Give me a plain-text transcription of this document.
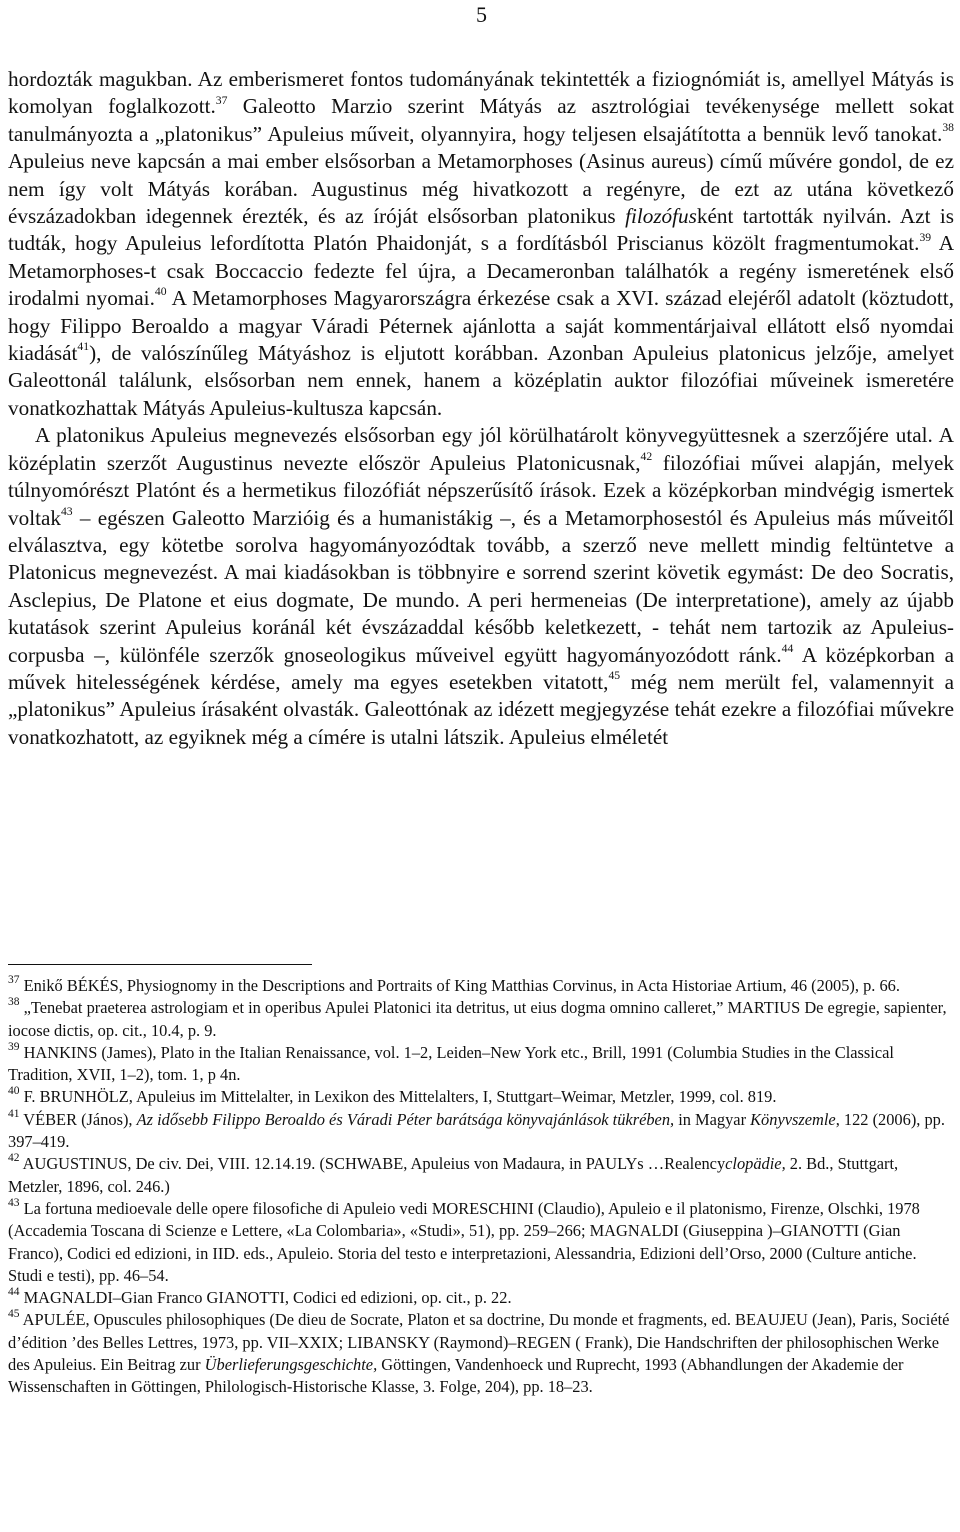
5

hordozták magukban. Az emberismeret fontos tudományának tekintették a fiziognómiát is, amellyel Mátyás is komolyan foglalkozott.$^{37}$ Galeotto Marzio szerint Mátyás az asztrológiai tevékenysége mellett sokat tanulmányozta a „platonikus” Apuleius műveit, olyannyira, hogy teljesen elsajátította a bennük levő tanokat.$^{38}$ Apuleius neve kapcsán a mai ember elsősorban a Metamorphoses (Asinus aureus) című művére gondol, de ez nem így volt Mátyás korában. Augustinus még hivatkozott a regényre, de ezt az utána következő évszázadokban idegennek érezték, és az íróját elsősorban platonikus filozófusként tartották nyilván. Azt is tudták, hogy Apuleius lefordította Platón Phaidonját, s a fordításból Priscianus közölt fragmentumokat.$^{39}$ A Metamorphoses-t csak Boccaccio fedezte fel újra, a Decameronban találhatók a regény ismeretének első irodalmi nyomai.$^{40}$ A Metamorphoses Magyarországra érkezése csak a XVI. század elejéről adatolt (köztudott, hogy Filippo Beroaldo a magyar Váradi Péternek ajánlotta a saját kommentárjaival ellátott első nyomdai kiadását$^{41}$), de valószínűleg Mátyáshoz is eljutott korábban. Azonban Apuleius platonicus jelzője, amelyet Galeottonál találunk, elsősorban nem ennek, hanem a középlatin auktor filozófiai műveinek ismeretére vonatkozhattak Mátyás Apuleius-kultusza kapcsán.

A platonikus Apuleius megnevezés elsősorban egy jól körülhatárolt könyvegyüttesnek a szerzőjére utal. A középlatin szerzőt Augustinus nevezte először Apuleius Platonicusnak,$^{42}$ filozófiai művei alapján, melyek túlnyomórészt Platónt és a hermetikus filozófiát népszerűsítő írások. Ezek a középkorban mindvégig ismertek voltak$^{43}$ – egészen Galeotto Marzióig és a humanistákig –, és a Metamorphosestól és Apuleius más műveitől elválasztva, egy kötetbe sorolva hagyományozódtak tovább, a szerző neve mellett mindig feltüntetve a Platonicus megnevezést. A mai kiadásokban is többnyire e sorrend szerint követik egymást: De deo Socratis, Asclepius, De Platone et eius dogmate, De mundo. A peri hermeneias (De interpretatione), amely az újabb kutatások szerint Apuleius koránál két évszázaddal később keletkezett, - tehát nem tartozik az Apuleius-corpusba –, különféle szerzők gnoseologikus műveivel együtt hagyományozódott ránk.$^{44}$ A középkorban a művek hitelességének kérdése, amely ma egyes esetekben vitatott,$^{45}$ még nem merült fel, valamennyit a „platonikus” Apuleius írásaként olvasták. Galeottónak az idézett megjegyzése tehát ezekre a filozófiai művekre vonatkozhatott, az egyiknek még a címére is utalni látszik. Apuleius elméletét

$^{37}$ Enikő BÉKÉS, Physiognomy in the Descriptions and Portraits of King Matthias Corvinus, in Acta Historiae Artium, 46 (2005), p. 66.

$^{38}$ „Tenebat praeterea astrologiam et in operibus Apulei Platonici ita detritus, ut eius dogma omnino calleret,” MARTIUS De egregie, sapienter, iocose dictis, op. cit., 10.4, p. 9.

$^{39}$ HANKINS (James), Plato in the Italian Renaissance, vol. 1–2, Leiden–New York etc., Brill, 1991 (Columbia Studies in the Classical Tradition, XVII, 1–2), tom. 1, p 4n.

$^{40}$ F. BRUNHÖLZ, Apuleius im Mittelalter, in Lexikon des Mittelalters, I, Stuttgart–Weimar, Metzler, 1999, col. 819.

$^{41}$ VÉBER (János), Az idősebb Filippo Beroaldo és Váradi Péter barátsága könyvajánlások tükrében, in Magyar Könyvszemle, 122 (2006), pp. 397–419.

$^{42}$ AUGUSTINUS, De civ. Dei, VIII. 12.14.19. (SCHWABE, Apuleius von Madaura, in PAULYs …Realencyclopädie, 2. Bd., Stuttgart, Metzler, 1896, col. 246.)

$^{43}$ La fortuna medioevale delle opere filosofiche di Apuleio vedi MORESCHINI (Claudio), Apuleio e il platonismo, Firenze, Olschki, 1978 (Accademia Toscana di Scienze e Lettere, «La Colombaria», «Studi», 51), pp. 259–266; MAGNALDI (Giuseppina )–GIANOTTI (Gian Franco), Codici ed edizioni, in IID. eds., Apuleio. Storia del testo e interpretazioni, Alessandria, Edizioni dell’Orso, 2000 (Culture antiche. Studi e testi), pp. 46–54.

$^{44}$ MAGNALDI–Gian Franco GIANOTTI, Codici ed edizioni, op. cit., p. 22.

$^{45}$ APULÉE, Opuscules philosophiques (De dieu de Socrate, Platon et sa doctrine, Du monde et fragments, ed. BEAUJEU (Jean), Paris, Société d’édition ’des Belles Lettres, 1973, pp. VII–XXIX; LIBANSKY (Raymond)–REGEN ( Frank), Die Handschriften der philosophischen Werke des Apuleius. Ein Beitrag zur Überlieferungsgeschichte, Göttingen, Vandenhoeck und Ruprecht, 1993 (Abhandlungen der Akademie der Wissenschaften in Göttingen, Philologisch-Historische Klasse, 3. Folge, 204), pp. 18–23.
